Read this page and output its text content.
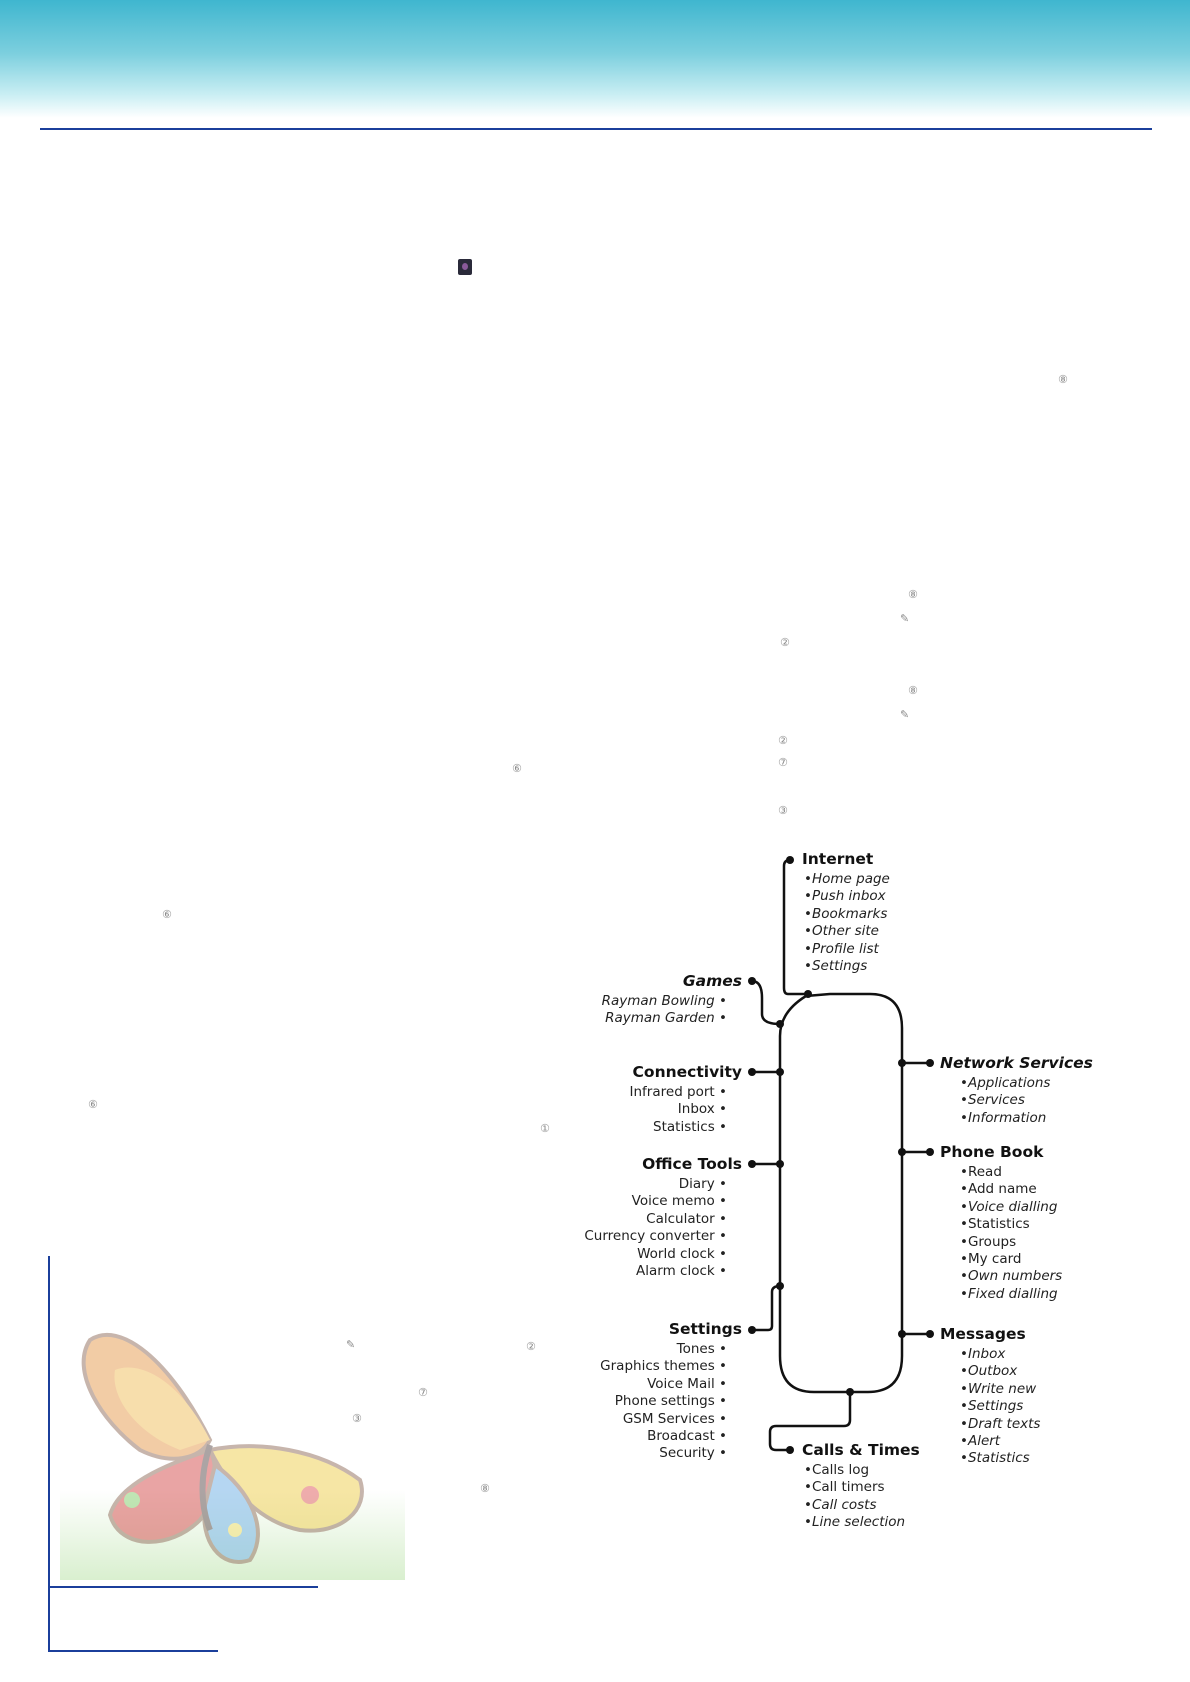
⑧
⑧
✎
②
⑧
✎
②
⑦
③
⑥
⑥
⑥
①
✎	②
⑦
③
⑧
Internet
•Home page
•Push inbox
•Bookmarks
•Other site
•Profile list
•Settings
Games
Rayman Bowling •
Rayman Garden •
Connectivity
Infrared port •
Inbox •
Statistics •
Office Tools
Diary •
Voice memo •
Calculator •
Currency converter •
World clock •
Alarm clock •
Settings
Tones •
Graphics themes •
Voice Mail •
Phone settings •
GSM Services •
Broadcast •
Security •
Network Services
•Applications
•Services
•Information
Phone Book
•Read
•Add name
•Voice dialling
•Statistics
•Groups
•My card
•Own numbers
•Fixed dialling
Messages
•Inbox
•Outbox
•Write new
•Settings
•Draft texts
•Alert
•Statistics
Calls & Times
•Calls log
•Call timers
•Call costs
•Line selection
